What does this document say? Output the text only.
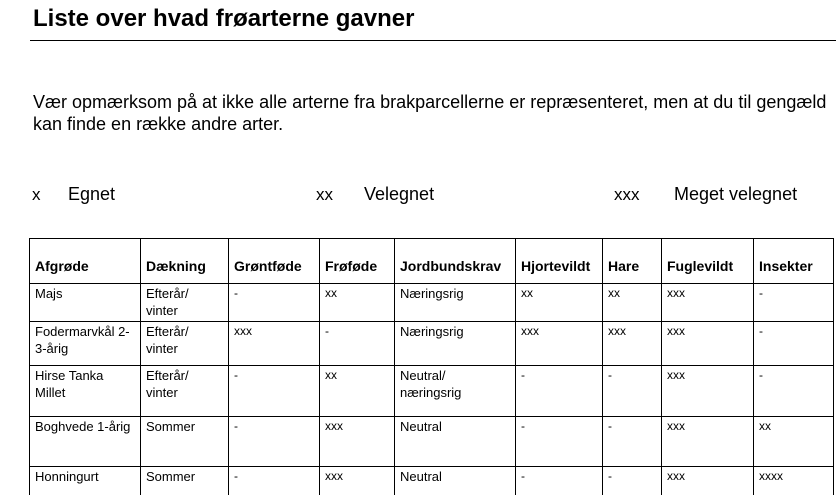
Liste over hvad frøarterne gavner
Vær opmærksom på at ikke alle arterne fra brakparcellerne er repræsenteret, men at du til gengæld kan finde en række andre arter.
x Egnet	xx Velegnet	xxx Meget velegnet
Afgrøde	Dækning	Grøntføde	Frøføde	Jordbundskrav	Hjortevildt	Hare	Fuglevildt	Insekter
Majs	Efterår/ vinter	-	xx	Næringsrig	xx	xx	xxx	-
Fodermarvkål 2-3-årig	Efterår/ vinter	xxx	-	Næringsrig	xxx	xxx	xxx	-
Hirse Tanka Millet	Efterår/ vinter	-	xx	Neutral/ næringsrig	-	-	xxx	-
Boghvede 1-årig	Sommer	-	xxx	Neutral	-	-	xxx	xx
Honningurt	Sommer	-	xxx	Neutral	-	-	xxx	xxxx
